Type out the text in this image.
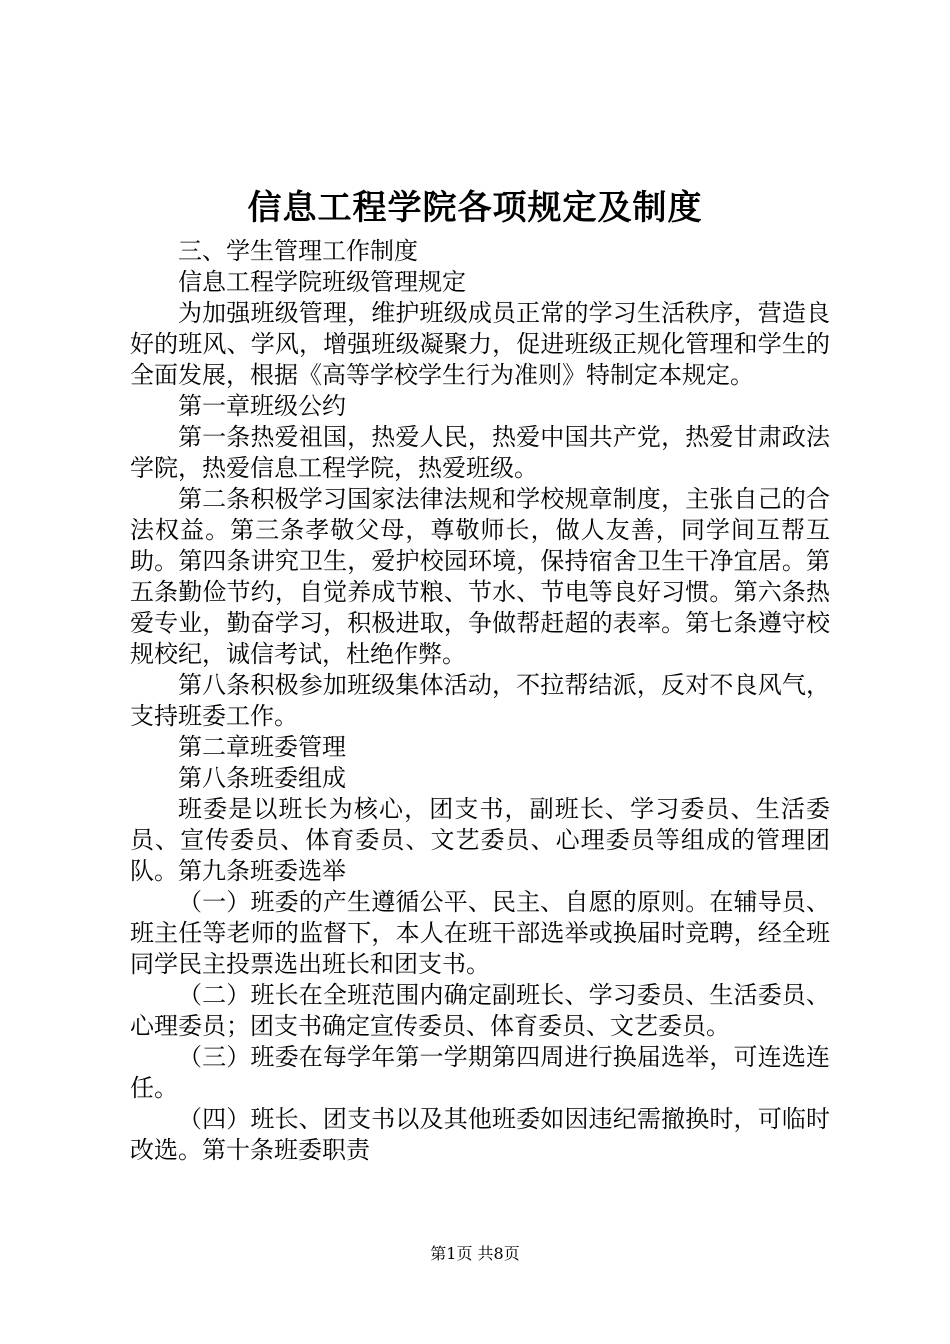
信息工程学院各项规定及制度

三、学生管理工作制度

信息工程学院班级管理规定

为加强班级管理，维护班级成员正常的学习生活秩序，营造良好的班风、学风，增强班级凝聚力，促进班级正规化管理和学生的全面发展，根据《高等学校学生行为准则》特制定本规定。

第一章班级公约

第一条热爱祖国，热爱人民，热爱中国共产党，热爱甘肃政法学院，热爱信息工程学院，热爱班级。

第二条积极学习国家法律法规和学校规章制度，主张自己的合法权益。第三条孝敬父母，尊敬师长，做人友善，同学间互帮互助。第四条讲究卫生，爱护校园环境，保持宿舍卫生干净宜居。第五条勤俭节约，自觉养成节粮、节水、节电等良好习惯。第六条热爱专业，勤奋学习，积极进取，争做帮赶超的表率。第七条遵守校规校纪，诚信考试，杜绝作弊。

第八条积极参加班级集体活动，不拉帮结派，反对不良风气，支持班委工作。

第二章班委管理

第八条班委组成

班委是以班长为核心，团支书，副班长、学习委员、生活委员、宣传委员、体育委员、文艺委员、心理委员等组成的管理团队。第九条班委选举

（一）班委的产生遵循公平、民主、自愿的原则。在辅导员、班主任等老师的监督下，本人在班干部选举或换届时竞聘，经全班同学民主投票选出班长和团支书。

（二）班长在全班范围内确定副班长、学习委员、生活委员、心理委员；团支书确定宣传委员、体育委员、文艺委员。

（三）班委在每学年第一学期第四周进行换届选举，可连选连任。

（四）班长、团支书以及其他班委如因违纪需撤换时，可临时改选。第十条班委职责

第1页 共8页
